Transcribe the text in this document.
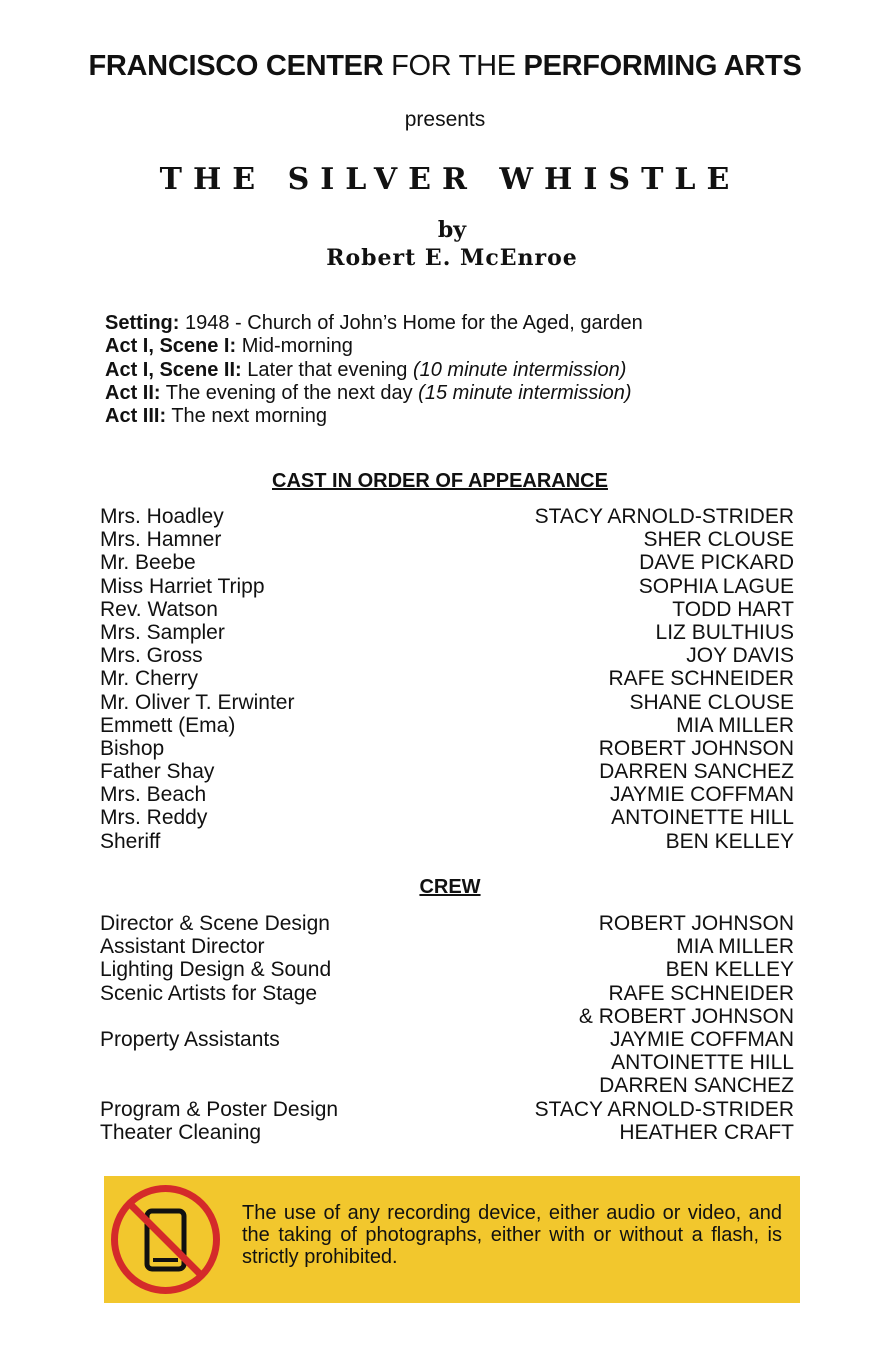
FRANCISCO CENTER FOR THE PERFORMING ARTS
presents
THE SILVER WHISTLE
by
Robert E. McEnroe
Setting: 1948 - Church of John’s Home for the Aged, garden
Act I, Scene I: Mid-morning
Act I, Scene II: Later that evening (10 minute intermission)
Act II: The evening of the next day (15 minute intermission)
Act III: The next morning
CAST IN ORDER OF APPEARANCE
Mrs. Hoadley	STACY ARNOLD-STRIDER
Mrs. Hamner	SHER CLOUSE
Mr. Beebe	DAVE PICKARD
Miss Harriet Tripp	SOPHIA LAGUE
Rev. Watson	TODD HART
Mrs. Sampler	LIZ BULTHIUS
Mrs. Gross	JOY DAVIS
Mr. Cherry	RAFE SCHNEIDER
Mr. Oliver T. Erwinter	SHANE CLOUSE
Emmett (Ema)	MIA MILLER
Bishop	ROBERT JOHNSON
Father Shay	DARREN SANCHEZ
Mrs. Beach	JAYMIE COFFMAN
Mrs. Reddy	ANTOINETTE HILL
Sheriff	BEN KELLEY
CREW
Director & Scene Design	ROBERT JOHNSON
Assistant Director	MIA MILLER
Lighting Design & Sound	BEN KELLEY
Scenic Artists for Stage	RAFE SCHNEIDER
& ROBERT JOHNSON
Property Assistants	JAYMIE COFFMAN
ANTOINETTE HILL
DARREN SANCHEZ
Program & Poster Design	STACY ARNOLD-STRIDER
Theater Cleaning	HEATHER CRAFT
The use of any recording device, either audio or video, and the taking of photographs, either with or without a flash, is strictly prohibited.
